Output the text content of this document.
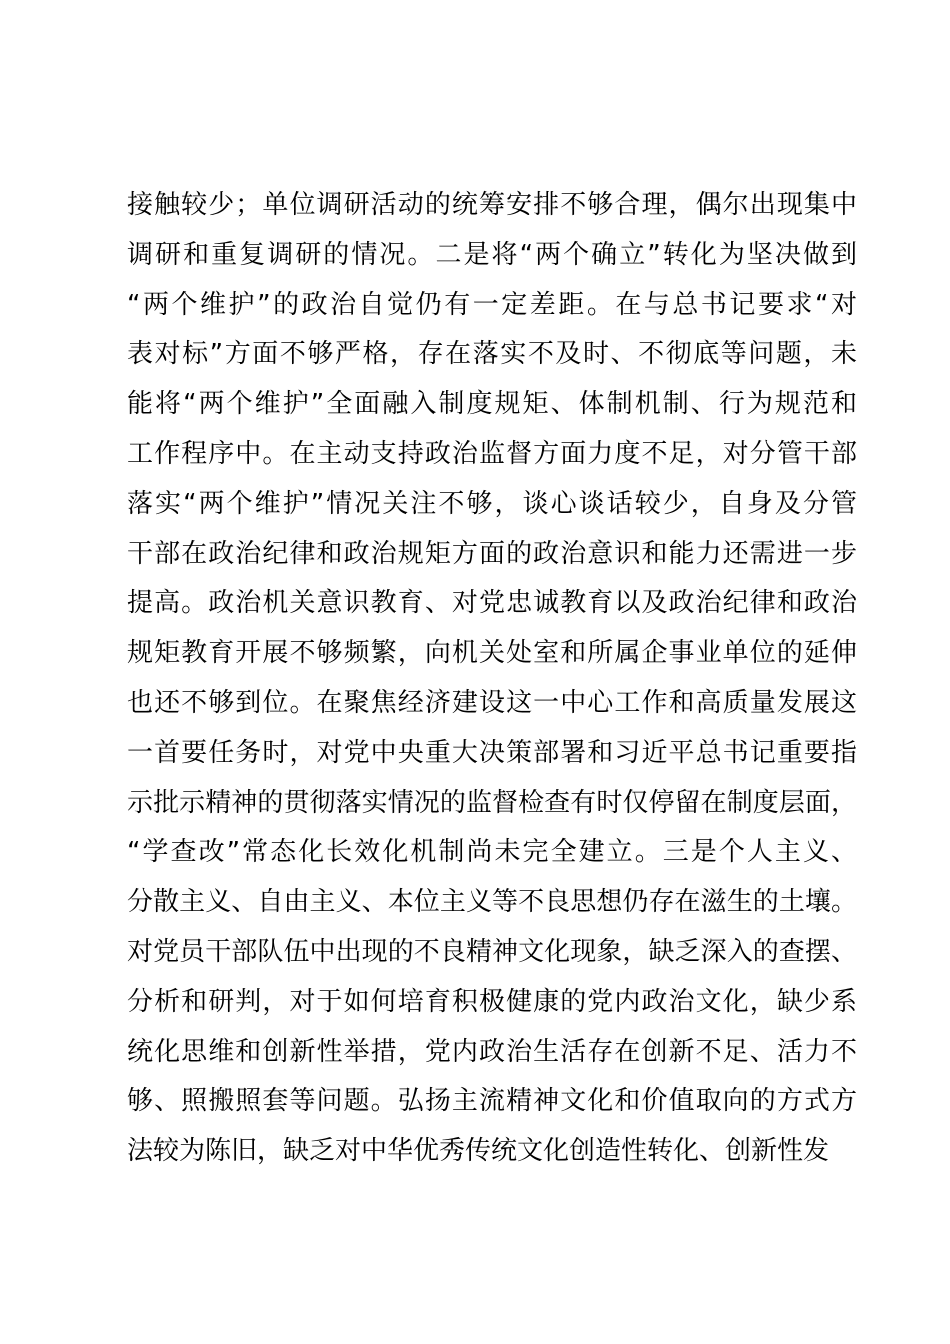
接触较少；单位调研活动的统筹安排不够合理，偶尔出现集中
调研和重复调研的情况。二是将“两个确立”转化为坚决做到
“两个维护”的政治自觉仍有一定差距。在与总书记要求“对
表对标”方面不够严格，存在落实不及时、不彻底等问题，未
能将“两个维护”全面融入制度规矩、体制机制、行为规范和
工作程序中。在主动支持政治监督方面力度不足，对分管干部
落实“两个维护”情况关注不够，谈心谈话较少，自身及分管
干部在政治纪律和政治规矩方面的政治意识和能力还需进一步
提高。政治机关意识教育、对党忠诚教育以及政治纪律和政治
规矩教育开展不够频繁，向机关处室和所属企事业单位的延伸
也还不够到位。在聚焦经济建设这一中心工作和高质量发展这
一首要任务时，对党中央重大决策部署和习近平总书记重要指
示批示精神的贯彻落实情况的监督检查有时仅停留在制度层面，
“学查改”常态化长效化机制尚未完全建立。三是个人主义、
分散主义、自由主义、本位主义等不良思想仍存在滋生的土壤。
对党员干部队伍中出现的不良精神文化现象，缺乏深入的查摆、
分析和研判，对于如何培育积极健康的党内政治文化，缺少系
统化思维和创新性举措，党内政治生活存在创新不足、活力不
够、照搬照套等问题。弘扬主流精神文化和价值取向的方式方
法较为陈旧，缺乏对中华优秀传统文化创造性转化、创新性发
